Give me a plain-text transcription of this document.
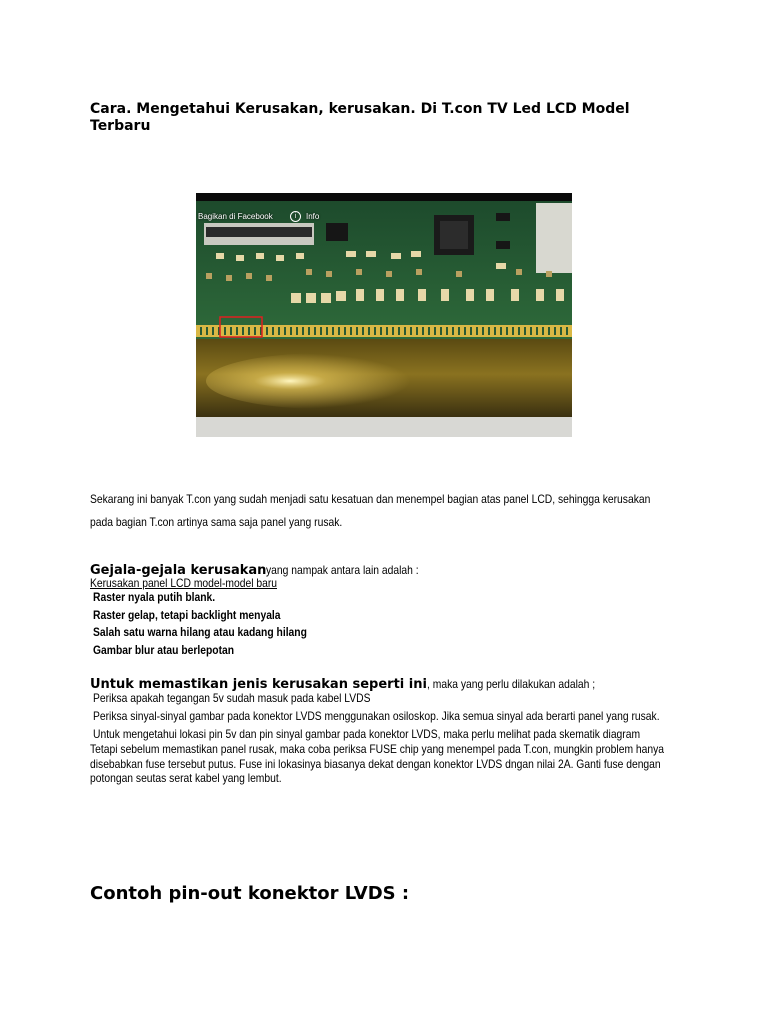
Cara. Mengetahui Kerusakan, kerusakan. Di T.con TV Led LCD Model Terbaru
Bagikan di Facebook	i	Info

Sekarang ini banyak T.con yang sudah menjadi satu kesatuan dan menempel bagian atas panel LCD, sehingga kerusakan

pada bagian T.con artinya sama saja panel yang rusak.

Gejala-gejala kerusakanyang nampak antara lain adalah :

Kerusakan panel LCD model-model baru
Raster nyala putih blank.
Raster gelap, tetapi backlight menyala
Salah satu warna hilang atau kadang hilang
Gambar blur atau berlepotan

Untuk memastikan jenis kerusakan seperti ini, maka yang perlu dilakukan adalah ;

Periksa apakah tegangan 5v sudah masuk pada kabel LVDS
Periksa sinyal-sinyal gambar pada konektor LVDS menggunakan osiloskop. Jika semua sinyal ada berarti panel yang rusak.
Untuk mengetahui lokasi pin 5v dan pin sinyal gambar pada konektor LVDS, maka perlu melihat pada skematik diagram

Tetapi sebelum memastikan panel rusak, maka coba periksa FUSE chip yang menempel pada T.con, mungkin problem hanya disebabkan fuse tersebut putus. Fuse ini lokasinya biasanya dekat dengan konektor LVDS dngan nilai 2A. Ganti fuse dengan potongan seutas serat kabel yang lembut.

Contoh pin-out konektor LVDS :
